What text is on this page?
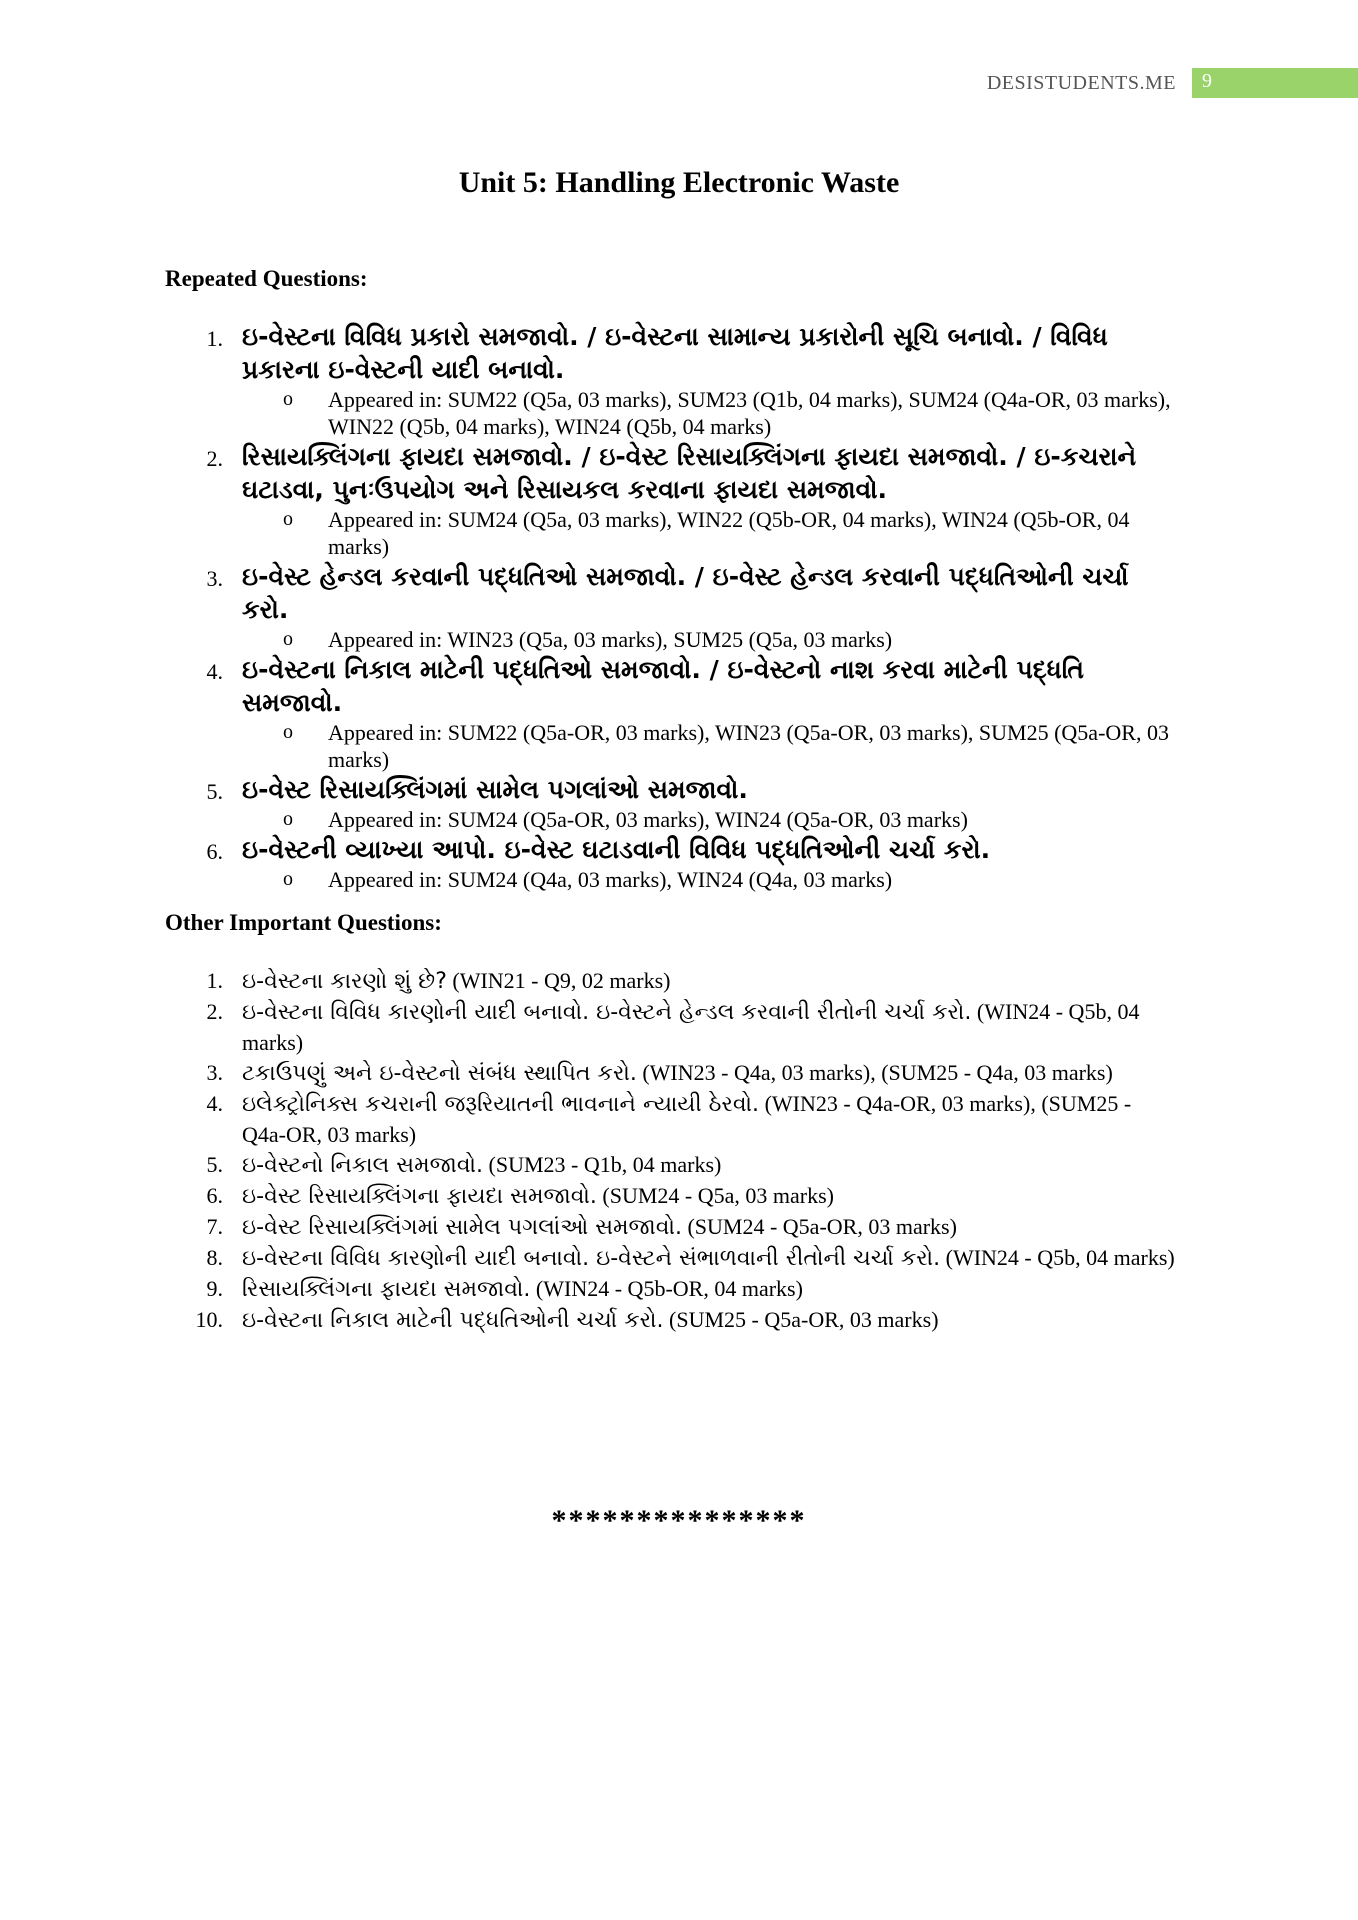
DESISTUDENTS.ME 9
Unit 5: Handling Electronic Waste
Repeated Questions:
1. ઇ-વેસ્ટના વિવિધ પ્રકારો સમજાવો. / ઇ-વેસ્ટના સામાન્ય પ્રકારોની સૂચિ બનાવો. / વિવિધ પ્રકારના ઇ-વેસ્ટની યાદી બનાવો.
o Appeared in: SUM22 (Q5a, 03 marks), SUM23 (Q1b, 04 marks), SUM24 (Q4a-OR, 03 marks), WIN22 (Q5b, 04 marks), WIN24 (Q5b, 04 marks)
2. રિસાયક્લિંગના ફાયદા સમજાવો. / ઇ-વેસ્ટ રિસાયક્લિંગના ફાયદા સમજાવો. / ઇ-કચરાને ઘટાડવા, પુનઃઉપયોગ અને રિસાયકલ કરવાના ફાયદા સમજાવો.
o Appeared in: SUM24 (Q5a, 03 marks), WIN22 (Q5b-OR, 04 marks), WIN24 (Q5b-OR, 04 marks)
3. ઇ-વેસ્ટ હેન્ડલ કરવાની પદ્ધતિઓ સમજાવો. / ઇ-વેસ્ટ હેન્ડલ કરવાની પદ્ધતિઓની ચર્ચા કરો.
o Appeared in: WIN23 (Q5a, 03 marks), SUM25 (Q5a, 03 marks)
4. ઇ-વેસ્ટના નિકાલ માટેની પદ્ધતિઓ સમજાવો. / ઇ-વેસ્ટનો નાશ કરવા માટેની પદ્ધતિ સમજાવો.
o Appeared in: SUM22 (Q5a-OR, 03 marks), WIN23 (Q5a-OR, 03 marks), SUM25 (Q5a-OR, 03 marks)
5. ઇ-વેસ્ટ રિસાયક્લિંગમાં સામેલ પગલાંઓ સમજાવો.
o Appeared in: SUM24 (Q5a-OR, 03 marks), WIN24 (Q5a-OR, 03 marks)
6. ઇ-વેસ્ટની વ્યાખ્યા આપો. ઇ-વેસ્ટ ઘટાડવાની વિવિધ પદ્ધતિઓની ચર્ચા કરો.
o Appeared in: SUM24 (Q4a, 03 marks), WIN24 (Q4a, 03 marks)
Other Important Questions:
1. ઇ-વેસ્ટના કારણો શું છે? (WIN21 - Q9, 02 marks)
2. ઇ-વેસ્ટના વિવિધ કારણોની યાદી બનાવો. ઇ-વેસ્ટને હેન્ડલ કરવાની રીતોની ચર્ચા કરો. (WIN24 - Q5b, 04 marks)
3. ટકાઉપણું અને ઇ-વેસ્ટનો સંબંધ સ્થાપિત કરો. (WIN23 - Q4a, 03 marks), (SUM25 - Q4a, 03 marks)
4. ઇલેક્ટ્રોનિક્સ કચરાની જરૂરિયાતની ભાવનાને ન્યાયી ઠેરવો. (WIN23 - Q4a-OR, 03 marks), (SUM25 - Q4a-OR, 03 marks)
5. ઇ-વેસ્ટનો નિકાલ સમજાવો. (SUM23 - Q1b, 04 marks)
6. ઇ-વેસ્ટ રિસાયક્લિંગના ફાયદા સમજાવો. (SUM24 - Q5a, 03 marks)
7. ઇ-વેસ્ટ રિસાયક્લિંગમાં સામેલ પગલાંઓ સમજાવો. (SUM24 - Q5a-OR, 03 marks)
8. ઇ-વેસ્ટના વિવિધ કારણોની યાદી બનાવો. ઇ-વેસ્ટને સંભાળવાની રીતોની ચર્ચા કરો. (WIN24 - Q5b, 04 marks)
9. રિસાયક્લિંગના ફાયદા સમજાવો. (WIN24 - Q5b-OR, 04 marks)
10. ઇ-વેસ્ટના નિકાલ માટેની પદ્ધતિઓની ચર્ચા કરો. (SUM25 - Q5a-OR, 03 marks)
***************
